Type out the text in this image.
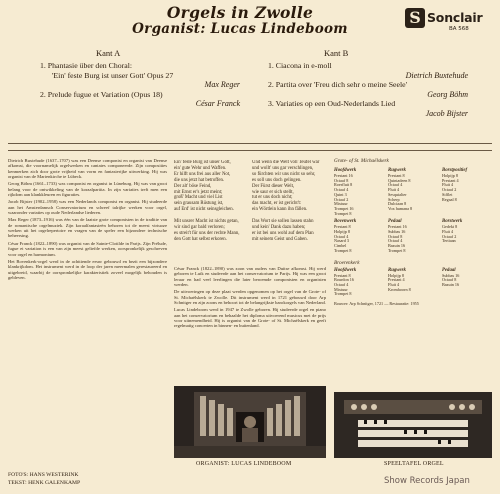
Orgels in Zwolle
Organist: Lucas Lindeboom
S Sonclair
BA 568
Kant A
1. Phantasie über den Choral:
'Ein' feste Burg ist unser Gott' Opus 27
Max Reger
2. Prelude fugue et Variation (Opus 18)
César Franck
Kant B
1. Ciacona in e-moll
Dietrich Buxtehude
2. Partita over 'Freu dich sehr o meine Seele'
Georg Böhm
3. Variaties op een Oud-Nederlands Lied
Jacob Bijster

Dietrich Buxtehude (1637–1707) was een Deense componist en organist van Deense afkomst, die voornamelijk orgelwerken en cantates componeerde. Zijn composities kenmerken zich door grote vrijheid van vorm en fantasierijke uitwerking. Hij was organist van de Marienkirche te Lübeck.

Georg Böhm (1661–1733) was componist en organist in Lüneburg. Hij was van groot belang voor de ontwikkeling van de koraalpartita. In zijn variaties treft men een rijkdom aan klankkleuren en figuraties.

Jacob Bijster (1902–1958) was een Nederlands componist en organist. Hij studeerde aan het Amsterdamsch Conservatorium en schreef talrijke werken voor orgel, waaronder variaties op oude Nederlandse liederen.

Max Reger (1873–1916) was één van de laatste grote componisten in de traditie van de romantische orgelmuziek. Zijn koraalfantasieën behoren tot de meest virtuoze werken uit het orgelrepertoire en vragen van de speler een bijzondere technische beheersing.

César Franck (1822–1890) was organist van de Sainte-Clotilde in Parijs. Zijn Prélude, fugue et variation is een van zijn meest geliefde werken, oorspronkelijk geschreven voor orgel en harmonium.

Het Bovenkerk-orgel werd in de achttiende eeuw gebouwd en bezit een bijzondere klankrijkdom. Het instrument werd in de loop der jaren meermalen gerestaureerd en uitgebreid, waarbij de oorspronkelijke karakteristiek zoveel mogelijk behouden is gebleven.

Ein' feste Burg ist unser Gott,
ein' gute Wehr und Waffen.
Er hilft uns frei aus aller Not,
die uns jetzt hat betroffen.
Der alt' böse Feind,
mit Ernst er's jetzt meint;
groß' Macht und viel List
sein grausam Rüstung ist,
auf Erd' ist nicht seinsgleichen.

Mit unsrer Macht ist nichts getan,
wir sind gar bald verloren;
es streit't für uns der rechte Mann,
den Gott hat selbst erkoren.
Und wenn die Welt voll Teufel wär
und wollt' uns gar verschlingen,
so fürchten wir uns nicht so sehr,
es soll uns doch gelingen.
Der Fürst dieser Welt,
wie saur er sich stellt,
tut er uns doch nicht;
das macht, er ist gericht't:
ein Wörtlein kann ihn fällen.

Das Wort sie sollen lassen stahn
und kein' Dank dazu haben;
er ist bei uns wohl auf dem Plan
mit seinem Geist und Gaben.

César Franck (1822–1890) was zoon van ouders van Duitse afkomst. Hij werd geboren te Luik en studeerde aan het conservatorium te Parijs. Hij was een groot leraar en had veel leerlingen die later beroemde componisten en organisten werden.

De uitvoeringen op deze plaat werden opgenomen op het orgel van de Grote- of St. Michaëlskerk te Zwolle. Dit instrument werd in 1721 gebouwd door Arp Schnitger en zijn zoons en behoort tot de belangrijkste barokorgels van Nederland.

Lucas Lindeboom werd in 1947 te Zwolle geboren. Hij studeerde orgel en piano aan het conservatorium en behaalde het diploma uitvoerend musicus met de prijs voor uitnemendheid. Hij is organist van de Grote- of St. Michaëlskerk en geeft regelmatig concerten in binnen- en buitenland.

Grote- of St. Michaëlskerk
Hoofdwerk
Prestant 16
Octaaf 8
Roerfluit 8
Octaaf 4
Quint 3
Octaaf 2
Mixtuur
Trompet 16
Trompet 8
Rugwerk
Prestant 8
Quintadeen 8
Octaaf 4
Fluit 4
Sesquialter
Scherp
Dulciaan 8
Vox humana 8
Borstpositief
Holpijp 8
Prestant 4
Fluit 4
Octaaf 2
Sifflet
Regaal 8
Bovenwerk
Prestant 8
Holpijp 8
Octaaf 4
Nasard 3
Cimbel
Trompet 8
Pedaal
Prestant 16
Subbas 16
Octaaf 8
Octaaf 4
Bazuin 16
Trompet 8
Borstwerk
Gedekt 8
Fluit 4
Octaaf 2
Tertiaan
Broerenkerk
Hoofdwerk
Prestant 8
Bourdon 16
Octaaf 4
Mixtuur
Trompet 8
Rugwerk
Holpijp 8
Prestant 4
Fluit 4
Kromhoorn 8
Pedaal
Subbas 16
Octaaf 8
Bazuin 16
Bouwer: Arp Schnitger, 1721 — Restauratie: 1955
ORGANIST: LUCAS LINDEBOOM	SPEELTAFEL ORGEL
FOTO'S: HANS WESTERINK
TEKST: HENK GALENKAMP	Show Records Japan
